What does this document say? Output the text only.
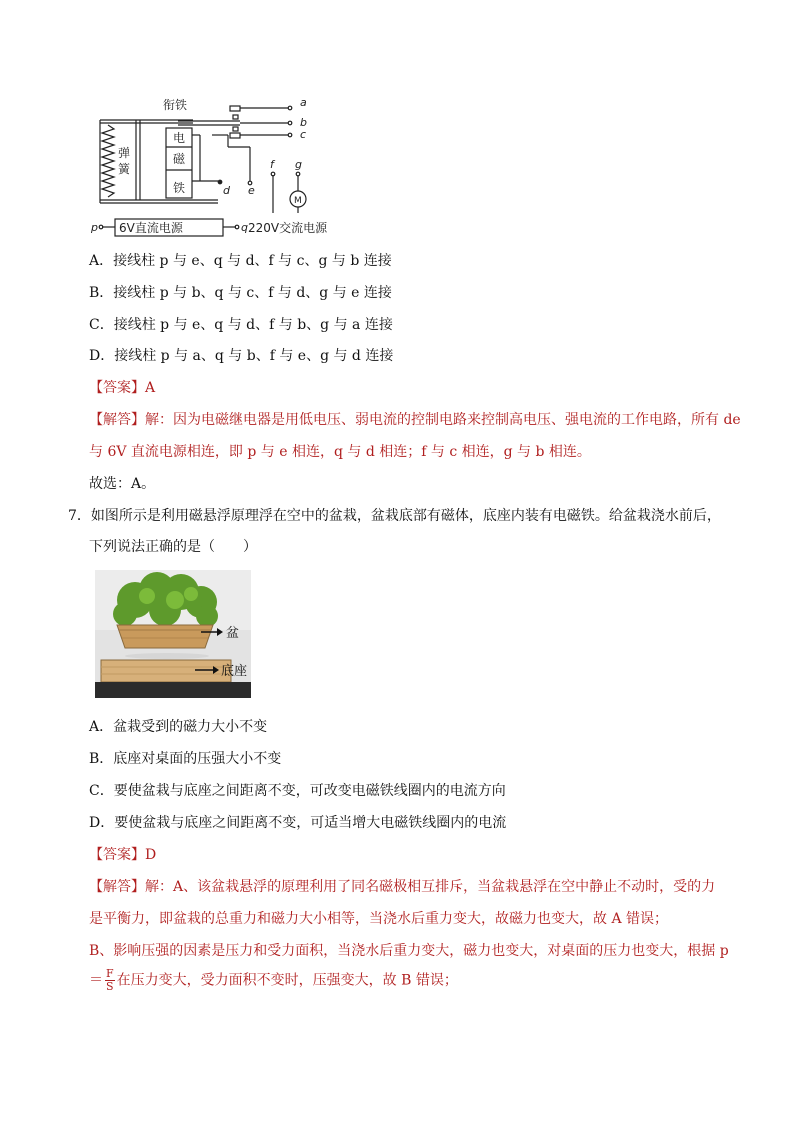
衔铁
弹
簧
电
磁
铁
a
b
c
d e
f g
p	q
M
6V直流电源	220V交流电源
A．接线柱 p 与 e、q 与 d、f 与 c、g 与 b 连接
B．接线柱 p 与 b、q 与 c、f 与 d、g 与 e 连接
C．接线柱 p 与 e、q 与 d、f 与 b、g 与 a 连接
D．接线柱 p 与 a、q 与 b、f 与 e、g 与 d 连接
【答案】A
【解答】解：因为电磁继电器是用低电压、弱电流的控制电路来控制高电压、强电流的工作电路，所有 de
与 6V 直流电源相连，即 p 与 e 相连，q 与 d 相连；f 与 c 相连，g 与 b 相连。
故选：A。
7．如图所示是利用磁悬浮原理浮在空中的盆栽，盆栽底部有磁体，底座内装有电磁铁。给盆栽浇水前后，
下列说法正确的是（　　）
盆
底座
A．盆栽受到的磁力大小不变
B．底座对桌面的压强大小不变
C．要使盆栽与底座之间距离不变，可改变电磁铁线圈内的电流方向
D．要使盆栽与底座之间距离不变，可适当增大电磁铁线圈内的电流
【答案】D
【解答】解：A、该盆栽悬浮的原理利用了同名磁极相互排斥，当盆栽悬浮在空中静止不动时，受的力
是平衡力，即盆栽的总重力和磁力大小相等，当浇水后重力变大，故磁力也变大，故 A 错误；
B、影响压强的因素是压力和受力面积，当浇水后重力变大，磁力也变大，对桌面的压力也变大，根据 p
＝ $\frac{F}{S}$ 在压力变大，受力面积不变时，压强变大，故 B 错误；
